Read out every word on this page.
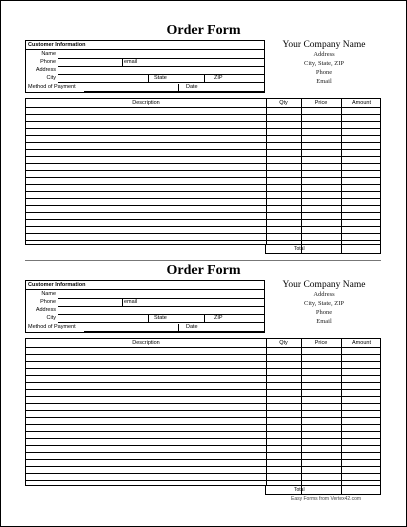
Order Form
Customer Information
Name
Phone	email
Address
City	State	ZIP
Method of Payment	Date
Your Company Name
Address
City, State, ZIP
Phone
Email
Description	Qty	Price	Amount
Total
Order Form
Customer Information
Name
Phone	email
Address
City	State	ZIP
Method of Payment	Date
Your Company Name
Address
City, State, ZIP
Phone
Email
Description	Qty	Price	Amount
Total
Easy Forms from Vertex42.com
